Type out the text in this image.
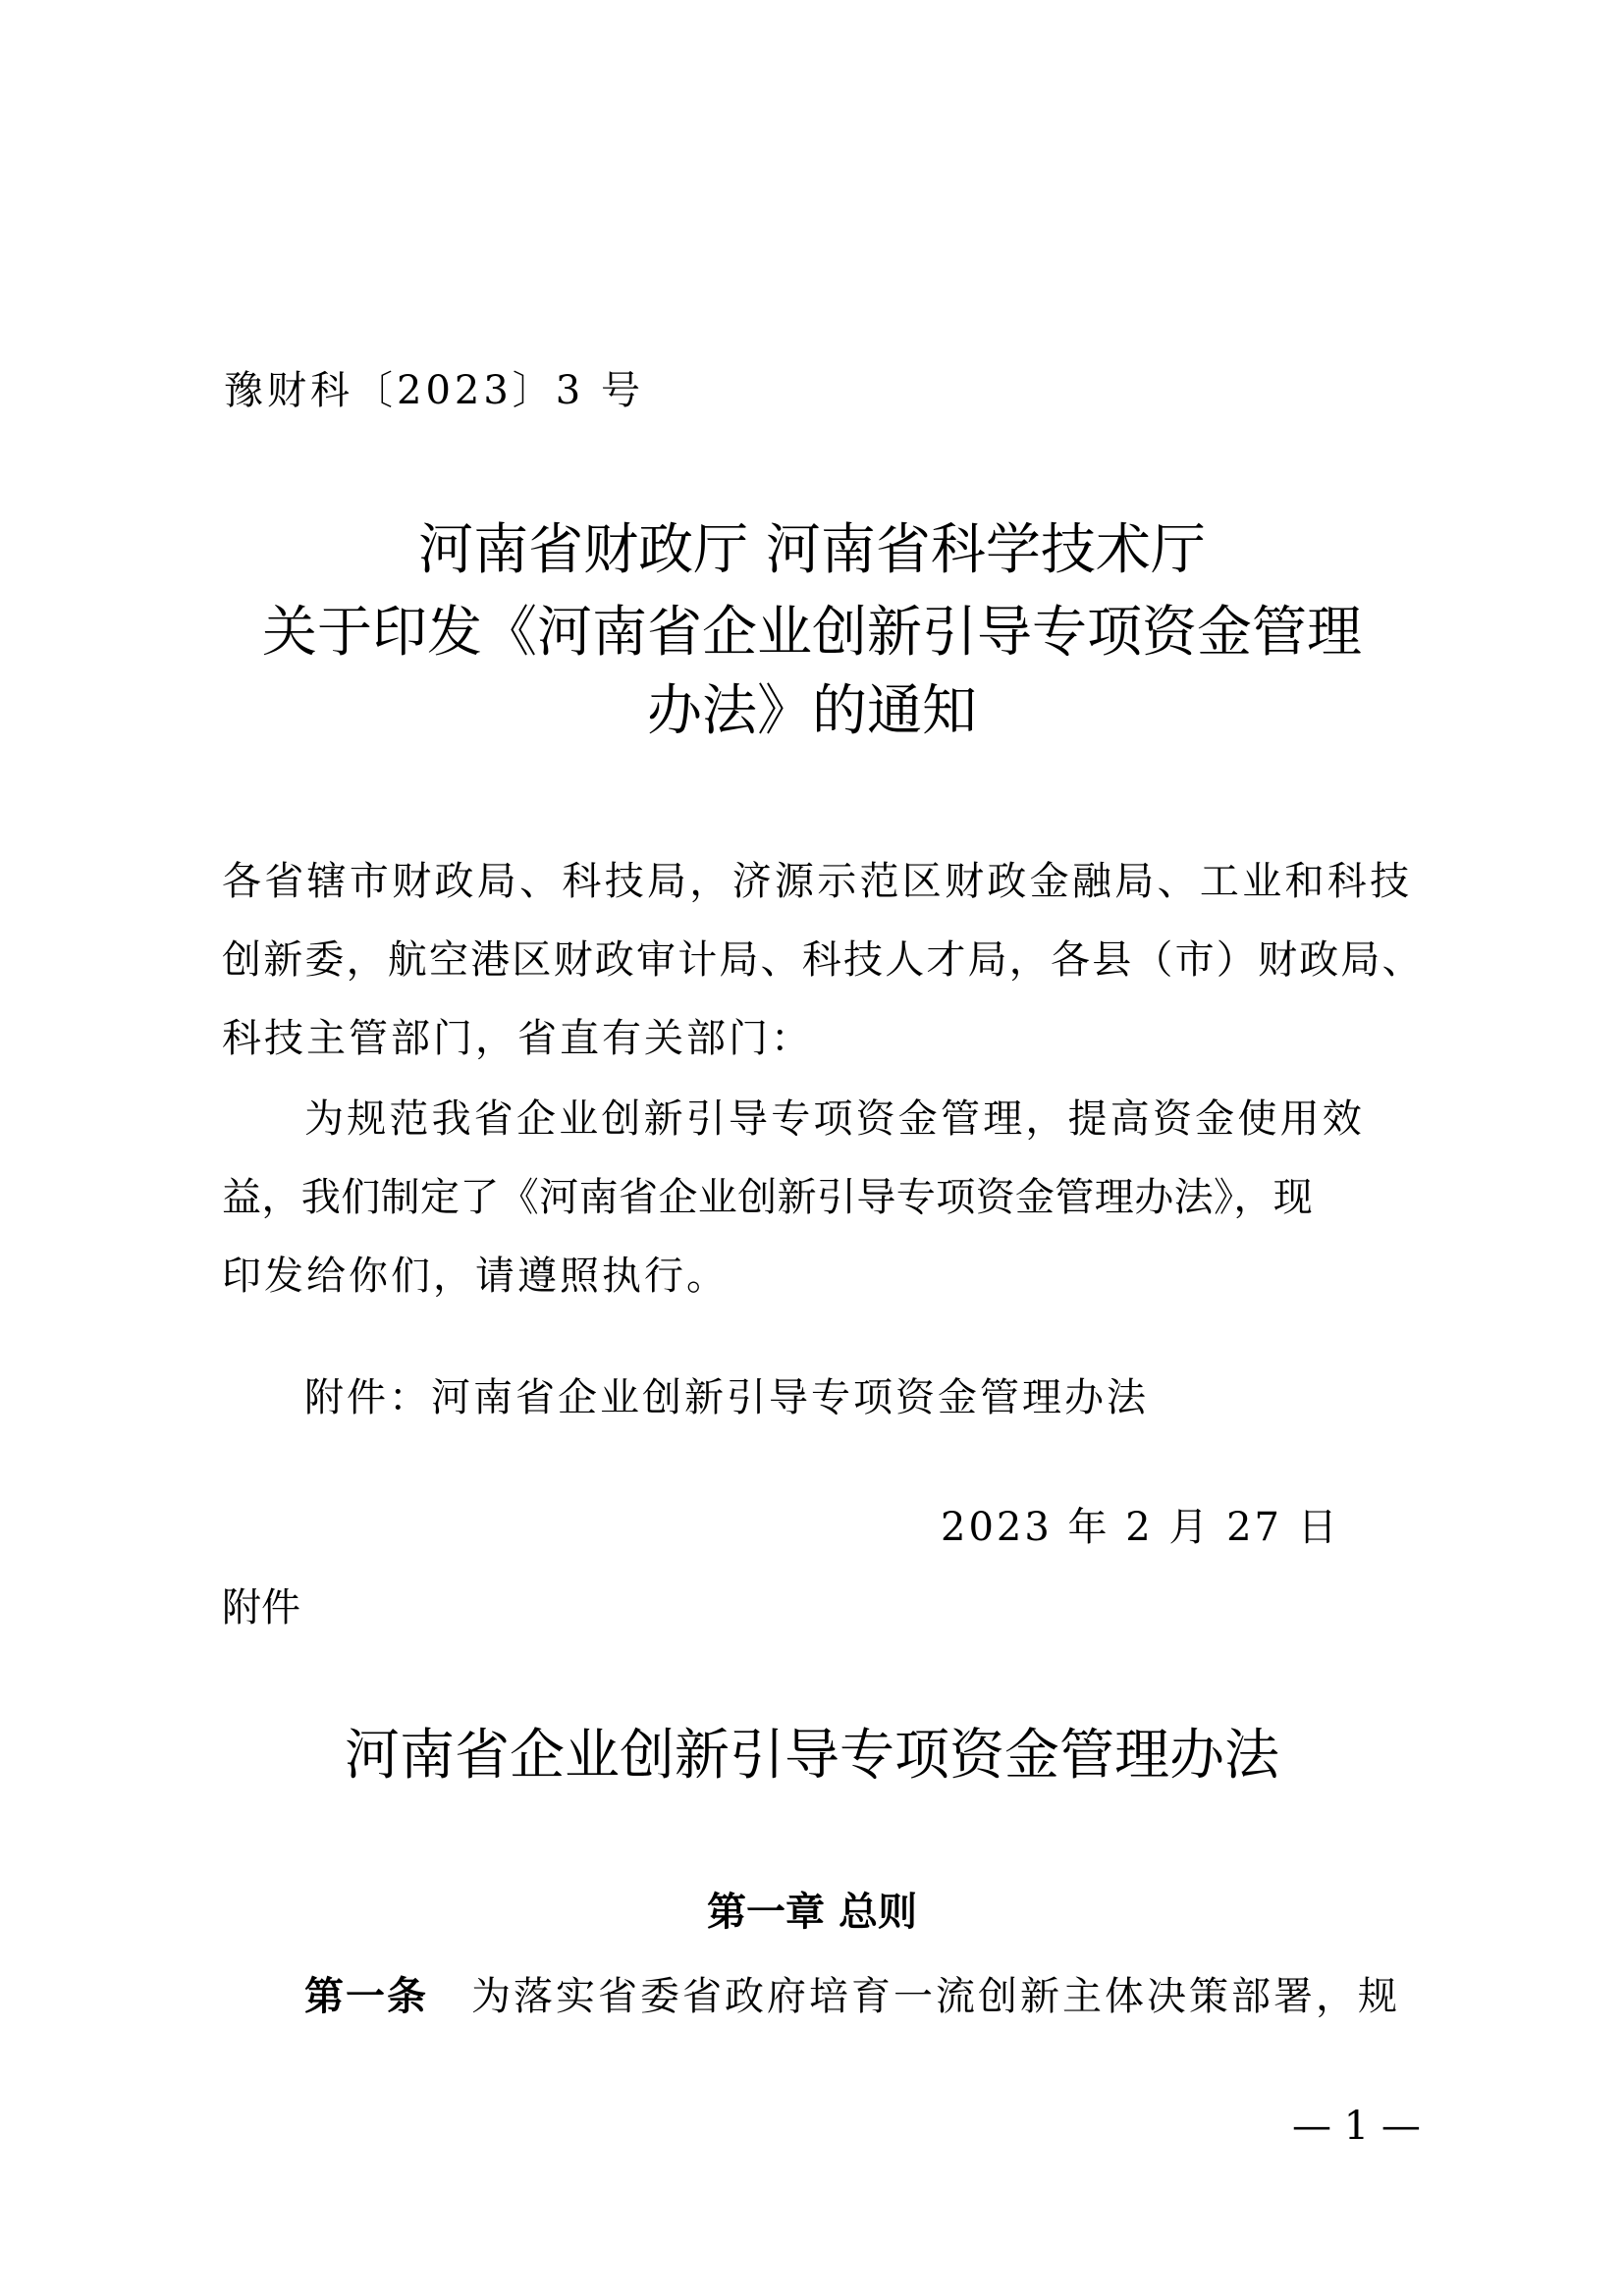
豫财科〔2023〕3 号
河南省财政厅 河南省科学技术厅
关于印发《河南省企业创新引导专项资金管理
办法》的通知
各省辖市财政局、科技局，济源示范区财政金融局、工业和科技
创新委，航空港区财政审计局、科技人才局，各县（市）财政局、
科技主管部门，省直有关部门：
为规范我省企业创新引导专项资金管理，提高资金使用效
益，我们制定了《河南省企业创新引导专项资金管理办法》，现
印发给你们，请遵照执行。
附件：河南省企业创新引导专项资金管理办法
2023 年 2 月 27 日
附件
河南省企业创新引导专项资金管理办法
第一章 总则
第一条 为落实省委省政府培育一流创新主体决策部署，规
— 1 —
